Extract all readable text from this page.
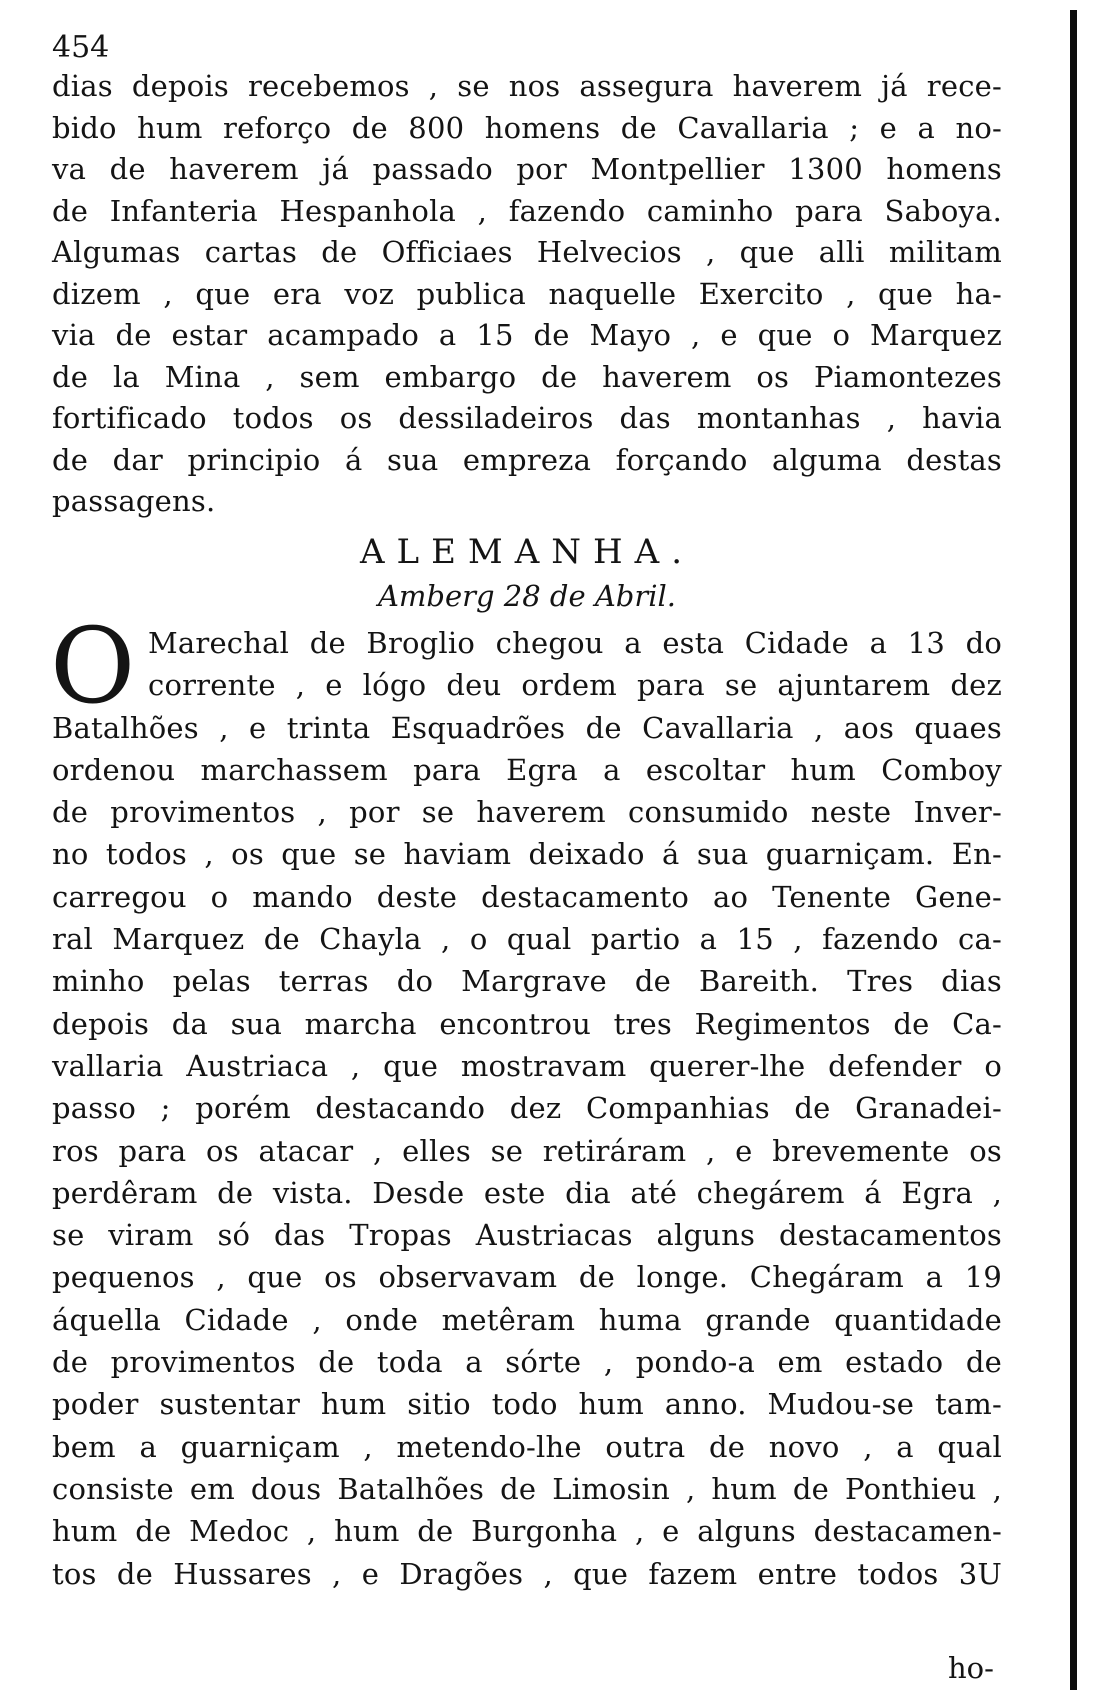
454
dias depois recebemos , se nos assegura haverem já rece-
bido hum reforço de 800 homens de Cavallaria ; e a no-
va de haverem já passado por Montpellier 1300 homens
de Infanteria Hespanhola , fazendo caminho para Saboya.
Algumas cartas de Officiaes Helvecios , que alli militam
dizem , que era voz publica naquelle Exercito , que ha-
via de estar acampado a 15 de Mayo , e que o Marquez
de la Mina , sem embargo de haverem os Piamontezes
fortificado todos os dessiladeiros das montanhas , havia
de dar principio á sua empreza forçando alguma destas
passagens.
ALEMANHA.
Amberg 28 de Abril.
O Marechal de Broglio chegou a esta Cidade a 13 do
corrente , e lógo deu ordem para se ajuntarem dez
Batalhões , e trinta Esquadrões de Cavallaria , aos quaes
ordenou marchassem para Egra a escoltar hum Comboy
de provimentos , por se haverem consumido neste Inver-
no todos , os que se haviam deixado á sua guarniçam. En-
carregou o mando deste destacamento ao Tenente Gene-
ral Marquez de Chayla , o qual partio a 15 , fazendo ca-
minho pelas terras do Margrave de Bareith. Tres dias
depois da sua marcha encontrou tres Regimentos de Ca-
vallaria Austriaca , que mostravam querer-lhe defender o
passo ; porém destacando dez Companhias de Granadei-
ros para os atacar , elles se retiráram , e brevemente os
perdêram de vista. Desde este dia até chegárem á Egra ,
se viram só das Tropas Austriacas alguns destacamentos
pequenos , que os observavam de longe. Chegáram a 19
áquella Cidade , onde metêram huma grande quantidade
de provimentos de toda a sórte , pondo-a em estado de
poder sustentar hum sitio todo hum anno. Mudou-se tam-
bem a guarniçam , metendo-lhe outra de novo , a qual
consiste em dous Batalhões de Limosin , hum de Ponthieu ,
hum de Medoc , hum de Burgonha , e alguns destacamen-
tos de Hussares , e Dragões , que fazem entre todos 3U
ho-
